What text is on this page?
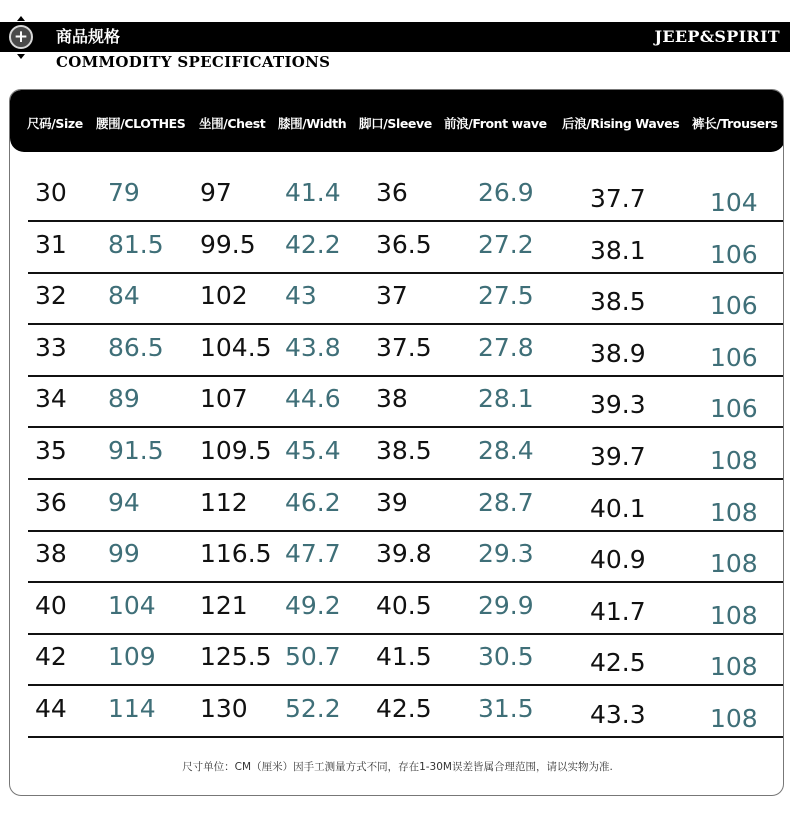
商品规格	JEEP&SPIRIT
+
COMMODITY SPECIFICATIONS
尺码/Size 腰围/CLOTHES 坐围/Chest 膝围/Width 脚口/Sleeve 前浪/Front wave 后浪/Rising Waves 裤长/Trousers
30 79 97 41.4 36	26.9 37.7	104
31 81.5 99.5 42.2 36.5 27.2 38.1	106
32 84 102 43 37	27.5 38.5	106
33 86.5 104.5 43.8 37.5 27.8 38.9	106
34 89 107 44.6 38	28.1 39.3	106
35 91.5 109.5 45.4 38.5 28.4 39.7	108
36 94 112 46.2 39	28.7 40.1	108
38 99 116.5 47.7 39.8 29.3 40.9	108
40 104 121 49.2 40.5 29.9 41.7	108
42 109 125.5 50.7 41.5 30.5 42.5	108
44 114 130 52.2 42.5 31.5 43.3	108
尺寸单位：CM（厘米）因手工测量方式不同，存在1-30M误差皆属合理范围，请以实物为准.
